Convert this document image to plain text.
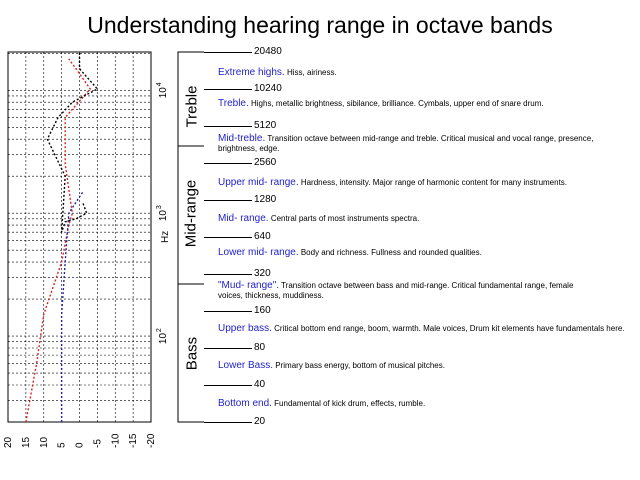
Understanding hearing range in octave bands
20 15 10 5 0 -5 -10 -15 -20
10
2
10
3
10
4
Hz
Treble
Mid-range
Bass
20480
10240
5120
2560
1280
640
320
160
80
40
20
Extreme highs. Hiss, airiness.
Treble. Highs, metallic brightness, sibilance, brilliance. Cymbals, upper end of snare drum.
Mid-treble. Transition octave between mid-range and treble. Critical musical and vocal range, presence, brightness, edge.
Upper mid- range. Hardness, intensity. Major range of harmonic content for many instruments.
Mid- range. Central parts of most instruments spectra.
Lower mid- range. Body and richness. Fullness and rounded qualities.
"Mud- range". Transition octave between bass and mid-range. Critical fundamental range, female voices, thickness, muddiness.
Upper bass. Critical bottom end range, boom, warmth. Male voices, Drum kit elements have fundamentals here.
Lower Bass. Primary bass energy, bottom of musical pitches.
Bottom end. Fundamental of kick drum, effects, rumble.
